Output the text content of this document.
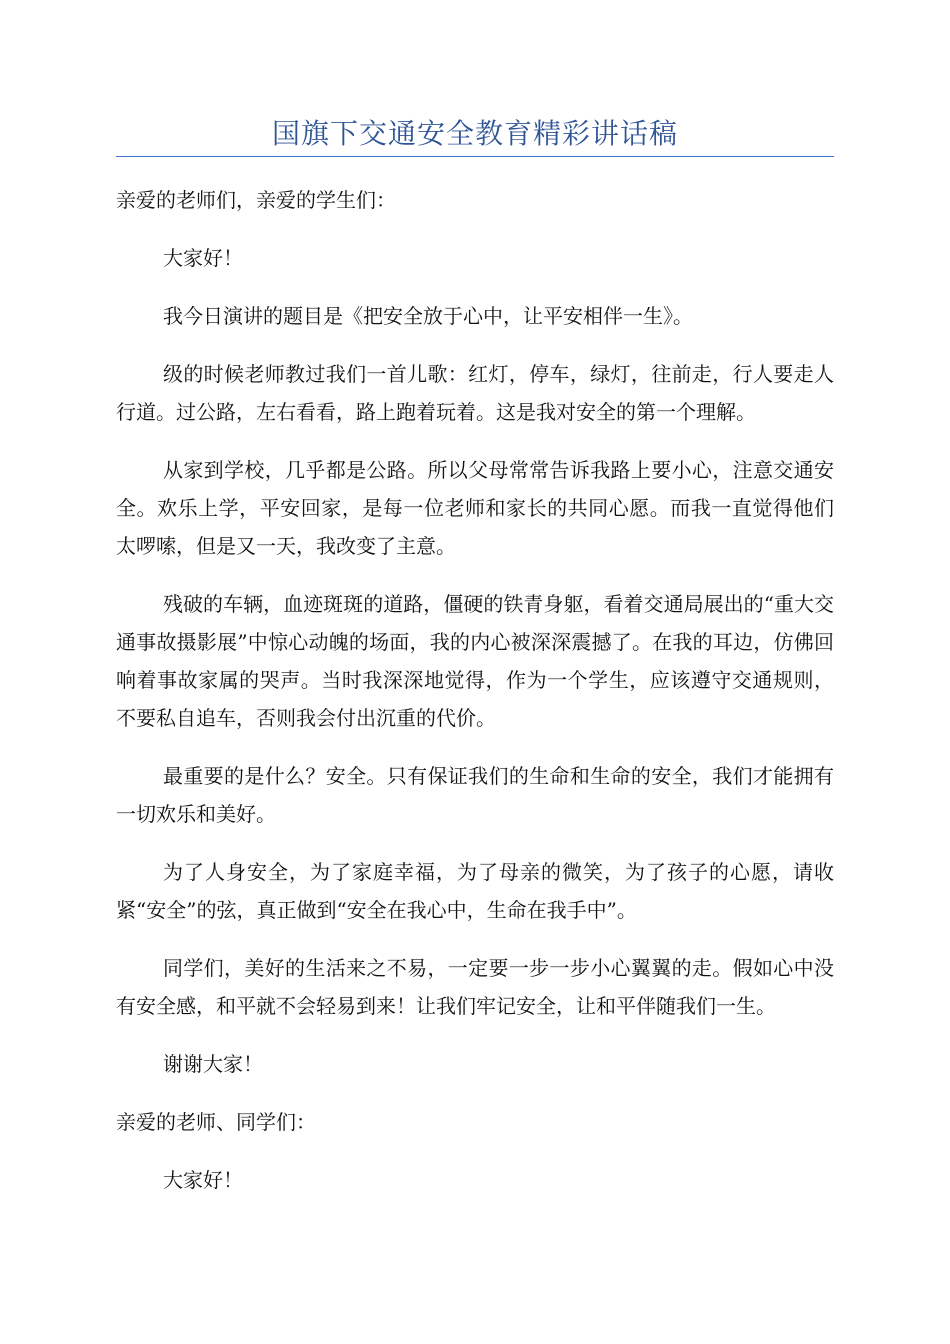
国旗下交通安全教育精彩讲话稿

亲爱的老师们，亲爱的学生们：

大家好！

我今日演讲的题目是《把安全放于心中，让平安相伴一生》。

级的时候老师教过我们一首儿歌：红灯，停车，绿灯，往前走，行人要走人行道。过公路，左右看看，路上跑着玩着。这是我对安全的第一个理解。

从家到学校，几乎都是公路。所以父母常常告诉我路上要小心，注意交通安全。欢乐上学，平安回家，是每一位老师和家长的共同心愿。而我一直觉得他们太啰嗦，但是又一天，我改变了主意。

残破的车辆，血迹斑斑的道路，僵硬的铁青身躯，看着交通局展出的“重大交通事故摄影展”中惊心动魄的场面，我的内心被深深震撼了。在我的耳边，仿佛回响着事故家属的哭声。当时我深深地觉得，作为一个学生，应该遵守交通规则，不要私自追车，否则我会付出沉重的代价。

最重要的是什么？安全。只有保证我们的生命和生命的安全，我们才能拥有一切欢乐和美好。

为了人身安全，为了家庭幸福，为了母亲的微笑，为了孩子的心愿，请收紧“安全”的弦，真正做到“安全在我心中，生命在我手中”。

同学们，美好的生活来之不易，一定要一步一步小心翼翼的走。假如心中没有安全感，和平就不会轻易到来！让我们牢记安全，让和平伴随我们一生。

谢谢大家！

亲爱的老师、同学们：

大家好！
